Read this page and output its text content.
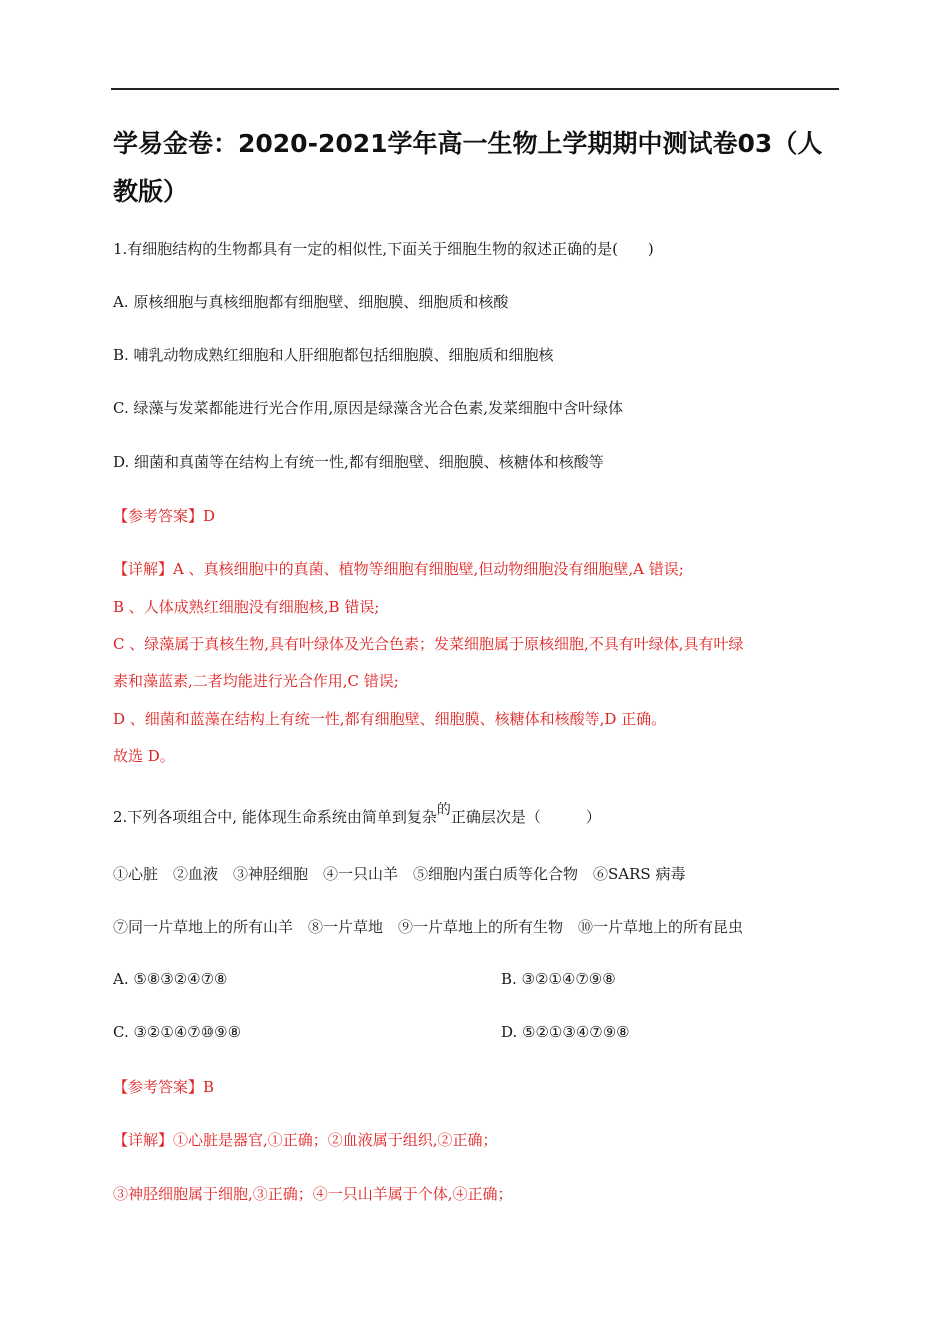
学易金卷：2020-2021学年高一生物上学期期中测试卷03（人教版）
1.有细胞结构的生物都具有一定的相似性,下面关于细胞生物的叙述正确的是(　　)
A. 原核细胞与真核细胞都有细胞壁、细胞膜、细胞质和核酸
B. 哺乳动物成熟红细胞和人肝细胞都包括细胞膜、细胞质和细胞核
C. 绿藻与发菜都能进行光合作用,原因是绿藻含光合色素,发菜细胞中含叶绿体
D. 细菌和真菌等在结构上有统一性,都有细胞壁、细胞膜、核糖体和核酸等
【参考答案】D
【详解】A 、真核细胞中的真菌、植物等细胞有细胞壁,但动物细胞没有细胞壁,A 错误;
B 、人体成熟红细胞没有细胞核,B 错误;
C 、绿藻属于真核生物,具有叶绿体及光合色素；发菜细胞属于原核细胞,不具有叶绿体,具有叶绿
素和藻蓝素,二者均能进行光合作用,C 错误;
D 、细菌和蓝藻在结构上有统一性,都有细胞壁、细胞膜、核糖体和核酸等,D 正确。
故选 D。
2.下列各项组合中, 能体现生命系统由简单到复杂的正确层次是（　　　）
①心脏　②血液　③神胫细胞　④一只山羊　⑤细胞内蛋白质等化合物　⑥SARS 病毒
⑦同一片草地上的所有山羊　⑧一片草地　⑨一片草地上的所有生物　⑩一片草地上的所有昆虫
A. ⑤⑧③②④⑦⑧	B. ③②①④⑦⑨⑧
C. ③②①④⑦⑩⑨⑧	D. ⑤②①③④⑦⑨⑧
【参考答案】B
【详解】①心脏是器官,①正确；②血液属于组织,②正确；
③神胫细胞属于细胞,③正确；④一只山羊属于个体,④正确；
